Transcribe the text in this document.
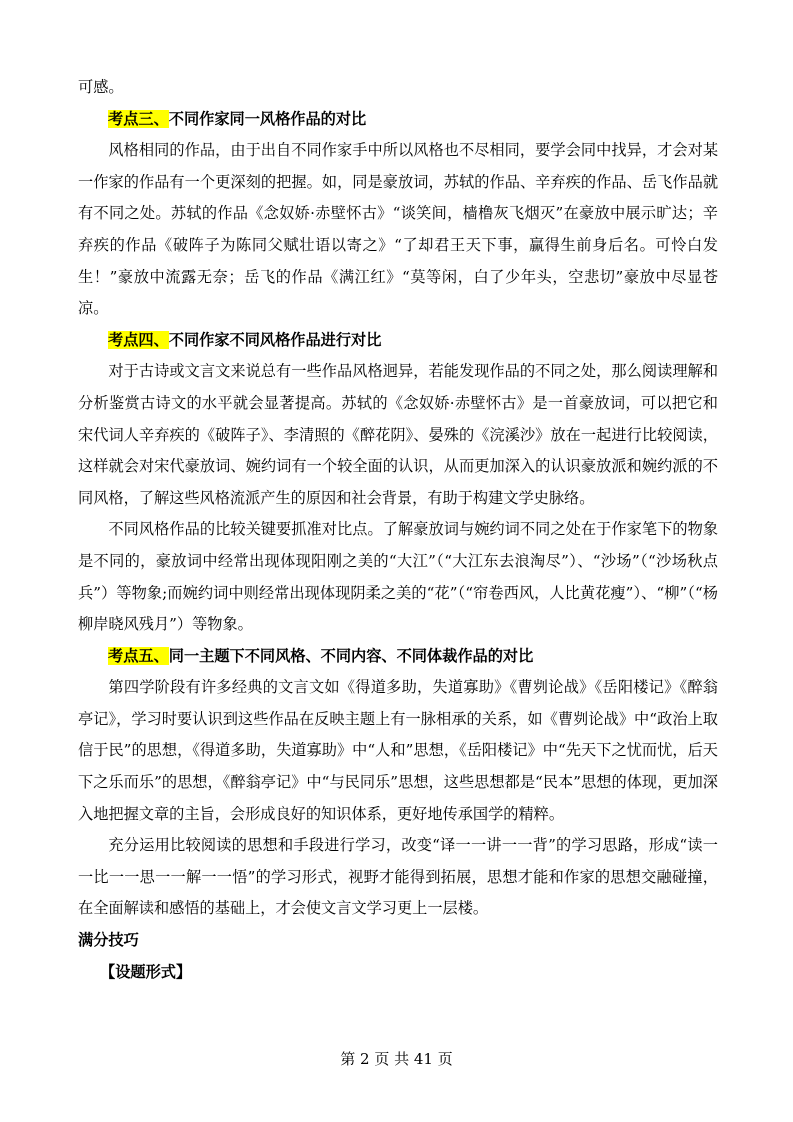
可感。

考点三、不同作家同一风格作品的对比

风格相同的作品，由于出自不同作家手中所以风格也不尽相同，要学会同中找异，才会对某一作家的作品有一个更深刻的把握。如，同是豪放词，苏轼的作品、辛弃疾的作品、岳飞作品就有不同之处。苏轼的作品《念奴娇·赤壁怀古》“谈笑间，樯橹灰飞烟灭”在豪放中展示旷达；辛弃疾的作品《破阵子为陈同父赋壮语以寄之》“了却君王天下事，赢得生前身后名。可怜白发生！”豪放中流露无奈；岳飞的作品《满江红》“莫等闲，白了少年头，空悲切”豪放中尽显苍凉。

考点四、不同作家不同风格作品进行对比

对于古诗或文言文来说总有一些作品风格迥异，若能发现作品的不同之处，那么阅读理解和分析鉴赏古诗文的水平就会显著提高。苏轼的《念奴娇·赤壁怀古》是一首豪放词，可以把它和宋代词人辛弃疾的《破阵子》、李清照的《醉花阴》、晏殊的《浣溪沙》放在一起进行比较阅读，这样就会对宋代豪放词、婉约词有一个较全面的认识，从而更加深入的认识豪放派和婉约派的不同风格，了解这些风格流派产生的原因和社会背景，有助于构建文学史脉络。

不同风格作品的比较关键要抓准对比点。了解豪放词与婉约词不同之处在于作家笔下的物象是不同的，豪放词中经常出现体现阳刚之美的“大江”（“大江东去浪淘尽”）、“沙场”（“沙场秋点兵”）等物象;而婉约词中则经常出现体现阴柔之美的“花”（“帘卷西风，人比黄花瘦”）、“柳”（“杨柳岸晓风残月”）等物象。

考点五、同一主题下不同风格、不同内容、不同体裁作品的对比

第四学阶段有许多经典的文言文如《得道多助，失道寡助》《曹刿论战》《岳阳楼记》《醉翁亭记》，学习时要认识到这些作品在反映主题上有一脉相承的关系，如《曹刿论战》中“政治上取信于民”的思想，《得道多助，失道寡助》中“人和”思想，《岳阳楼记》中“先天下之忧而忧，后天下之乐而乐”的思想，《醉翁亭记》中“与民同乐”思想，这些思想都是“民本”思想的体现，更加深入地把握文章的主旨，会形成良好的知识体系，更好地传承国学的精粹。

充分运用比较阅读的思想和手段进行学习，改变“译一一讲一一背”的学习思路，形成“读一一比一一思一一解一一悟”的学习形式，视野才能得到拓展，思想才能和作家的思想交融碰撞，在全面解读和感悟的基础上，才会使文言文学习更上一层楼。

满分技巧

【设题形式】

第 2 页 共 41 页
